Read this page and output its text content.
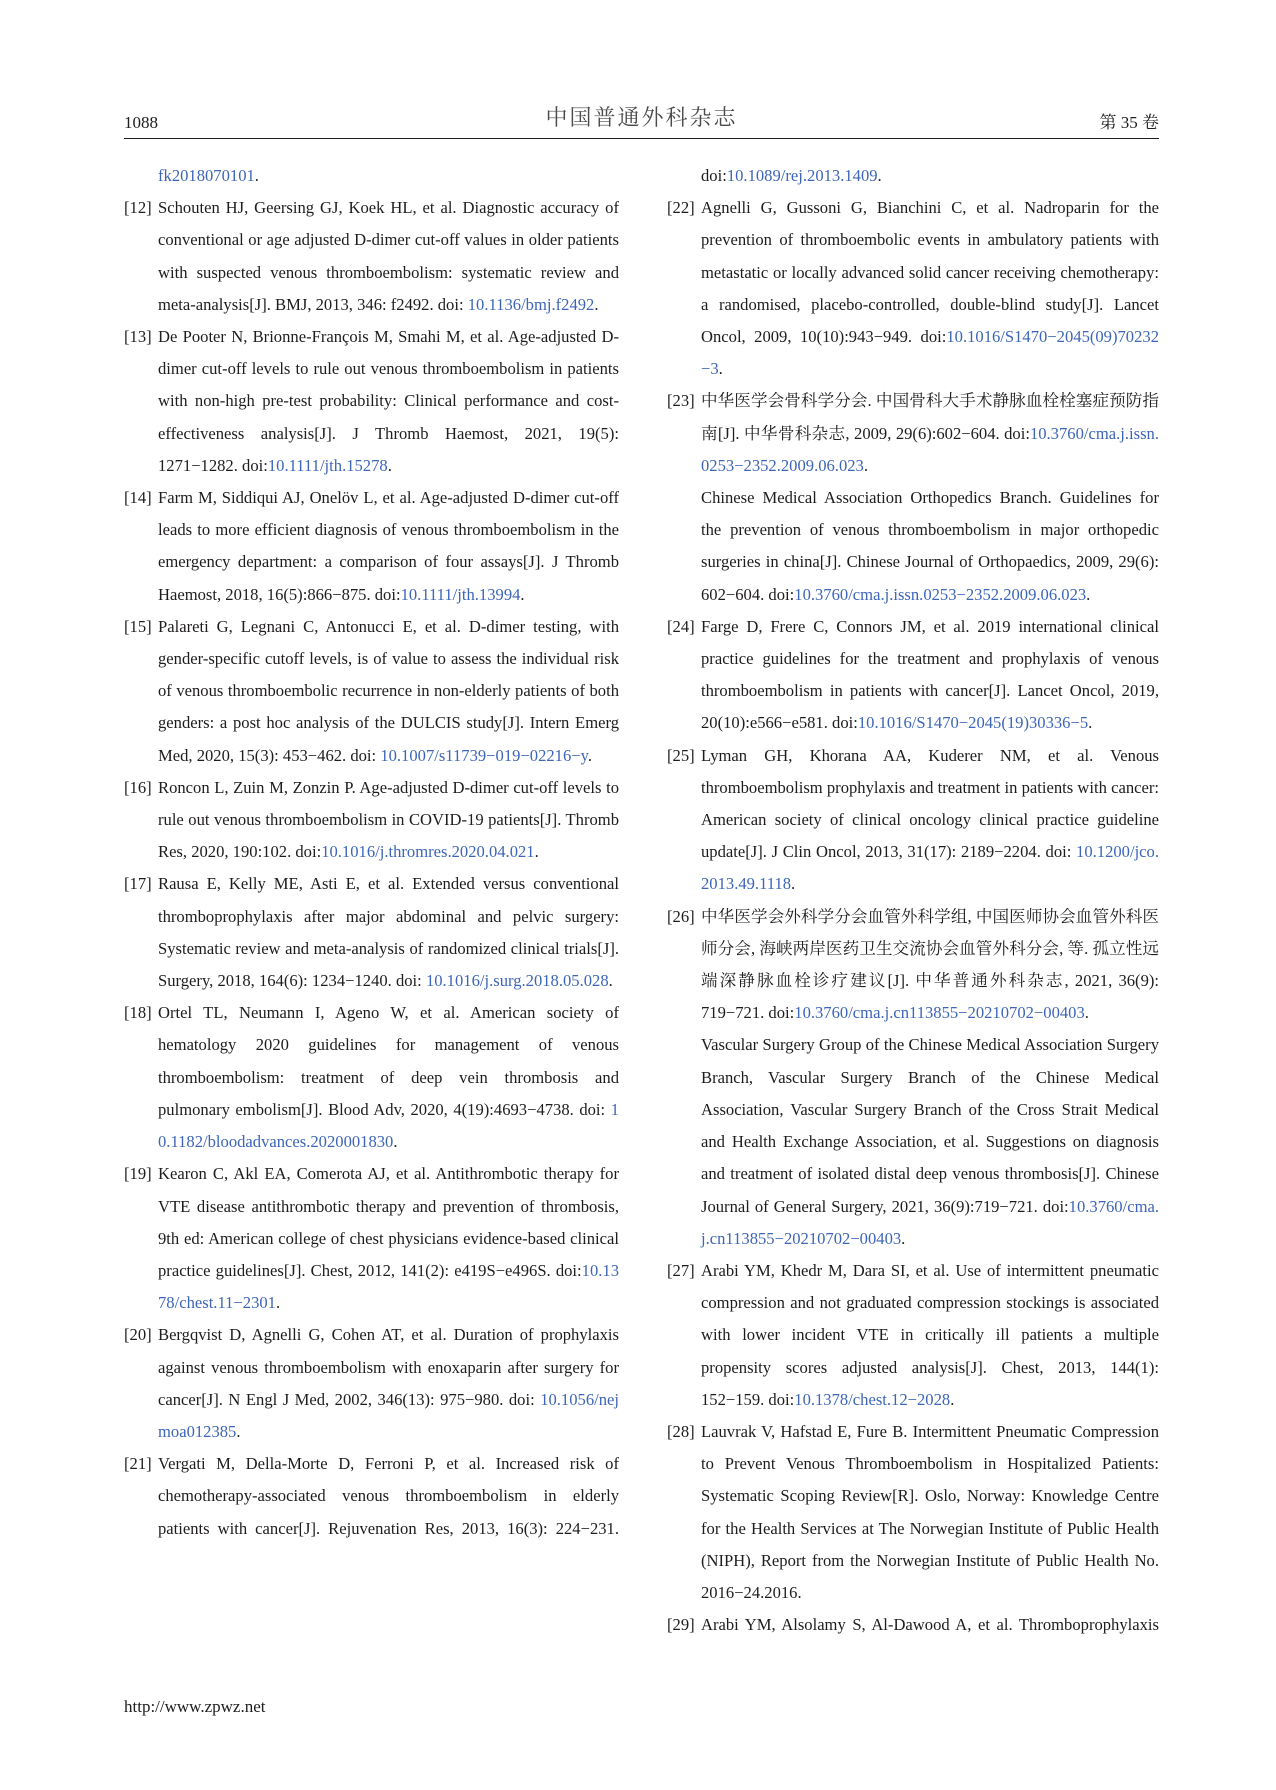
1088	中国普通外科杂志	第 35 卷

fk2018070101.

[12] Schouten HJ, Geersing GJ, Koek HL, et al. Diagnostic accuracy of conventional or age adjusted D-dimer cut-off values in older patients with suspected venous thromboembolism: systematic review and meta-analysis[J]. BMJ, 2013, 346: f2492. doi: 10.1136/bmj.f2492.

[13] De Pooter N, Brionne-François M, Smahi M, et al. Age-adjusted D-dimer cut-off levels to rule out venous thromboembolism in patients with non-high pre-test probability: Clinical performance and cost-effectiveness analysis[J]. J Thromb Haemost, 2021, 19(5): 1271−1282. doi:10.1111/jth.15278.

[14] Farm M, Siddiqui AJ, Onelöv L, et al. Age-adjusted D-dimer cut-off leads to more efficient diagnosis of venous thromboembolism in the emergency department: a comparison of four assays[J]. J Thromb Haemost, 2018, 16(5):866−875. doi:10.1111/jth.13994.

[15] Palareti G, Legnani C, Antonucci E, et al. D-dimer testing, with gender-specific cutoff levels, is of value to assess the individual risk of venous thromboembolic recurrence in non-elderly patients of both genders: a post hoc analysis of the DULCIS study[J]. Intern Emerg Med, 2020, 15(3): 453−462. doi: 10.1007/s11739−019−02216−y.

[16] Roncon L, Zuin M, Zonzin P. Age-adjusted D-dimer cut-off levels to rule out venous thromboembolism in COVID-19 patients[J]. Thromb Res, 2020, 190:102. doi:10.1016/j.thromres.2020.04.021.

[17] Rausa E, Kelly ME, Asti E, et al. Extended versus conventional thromboprophylaxis after major abdominal and pelvic surgery: Systematic review and meta-analysis of randomized clinical trials[J]. Surgery, 2018, 164(6): 1234−1240. doi: 10.1016/j.surg.2018.05.028.

[18] Ortel TL, Neumann I, Ageno W, et al. American society of hematology 2020 guidelines for management of venous thromboembolism: treatment of deep vein thrombosis and pulmonary embolism[J]. Blood Adv, 2020, 4(19):4693−4738. doi: 10.1182/bloodadvances.2020001830.

[19] Kearon C, Akl EA, Comerota AJ, et al. Antithrombotic therapy for VTE disease antithrombotic therapy and prevention of thrombosis, 9th ed: American college of chest physicians evidence-based clinical practice guidelines[J]. Chest, 2012, 141(2): e419S−e496S. doi:10.1378/chest.11−2301.

[20] Bergqvist D, Agnelli G, Cohen AT, et al. Duration of prophylaxis against venous thromboembolism with enoxaparin after surgery for cancer[J]. N Engl J Med, 2002, 346(13): 975−980. doi: 10.1056/nejmoa012385.

[21] Vergati M, Della-Morte D, Ferroni P, et al. Increased risk of chemotherapy-associated venous thromboembolism in elderly patients with cancer[J]. Rejuvenation Res, 2013, 16(3): 224−231.

doi:10.1089/rej.2013.1409.

[22] Agnelli G, Gussoni G, Bianchini C, et al. Nadroparin for the prevention of thromboembolic events in ambulatory patients with metastatic or locally advanced solid cancer receiving chemotherapy: a randomised, placebo-controlled, double-blind study[J]. Lancet Oncol, 2009, 10(10):943−949. doi:10.1016/S1470−2045(09)70232−3.

[23] 中华医学会骨科学分会. 中国骨科大手术静脉血栓栓塞症预防指南[J]. 中华骨科杂志, 2009, 29(6):602−604. doi:10.3760/cma.j.issn.0253−2352.2009.06.023.

Chinese Medical Association Orthopedics Branch. Guidelines for the prevention of venous thromboembolism in major orthopedic surgeries in china[J]. Chinese Journal of Orthopaedics, 2009, 29(6): 602−604. doi:10.3760/cma.j.issn.0253−2352.2009.06.023.

[24] Farge D, Frere C, Connors JM, et al. 2019 international clinical practice guidelines for the treatment and prophylaxis of venous thromboembolism in patients with cancer[J]. Lancet Oncol, 2019, 20(10):e566−e581. doi:10.1016/S1470−2045(19)30336−5.

[25] Lyman GH, Khorana AA, Kuderer NM, et al. Venous thromboembolism prophylaxis and treatment in patients with cancer: American society of clinical oncology clinical practice guideline update[J]. J Clin Oncol, 2013, 31(17): 2189−2204. doi: 10.1200/jco.2013.49.1118.

[26] 中华医学会外科学分会血管外科学组, 中国医师协会血管外科医师分会, 海峡两岸医药卫生交流协会血管外科分会, 等. 孤立性远端深静脉血栓诊疗建议[J]. 中华普通外科杂志, 2021, 36(9): 719−721. doi:10.3760/cma.j.cn113855−20210702−00403.

Vascular Surgery Group of the Chinese Medical Association Surgery Branch, Vascular Surgery Branch of the Chinese Medical Association, Vascular Surgery Branch of the Cross Strait Medical and Health Exchange Association, et al. Suggestions on diagnosis and treatment of isolated distal deep venous thrombosis[J]. Chinese Journal of General Surgery, 2021, 36(9):719−721. doi:10.3760/cma.j.cn113855−20210702−00403.

[27] Arabi YM, Khedr M, Dara SI, et al. Use of intermittent pneumatic compression and not graduated compression stockings is associated with lower incident VTE in critically ill patients a multiple propensity scores adjusted analysis[J]. Chest, 2013, 144(1): 152−159. doi:10.1378/chest.12−2028.

[28] Lauvrak V, Hafstad E, Fure B. Intermittent Pneumatic Compression to Prevent Venous Thromboembolism in Hospitalized Patients: Systematic Scoping Review[R]. Oslo, Norway: Knowledge Centre for the Health Services at The Norwegian Institute of Public Health (NIPH), Report from the Norwegian Institute of Public Health No. 2016−24.2016.

[29] Arabi YM, Alsolamy S, Al-Dawood A, et al. Thromboprophylaxis

http://www.zpwz.net
